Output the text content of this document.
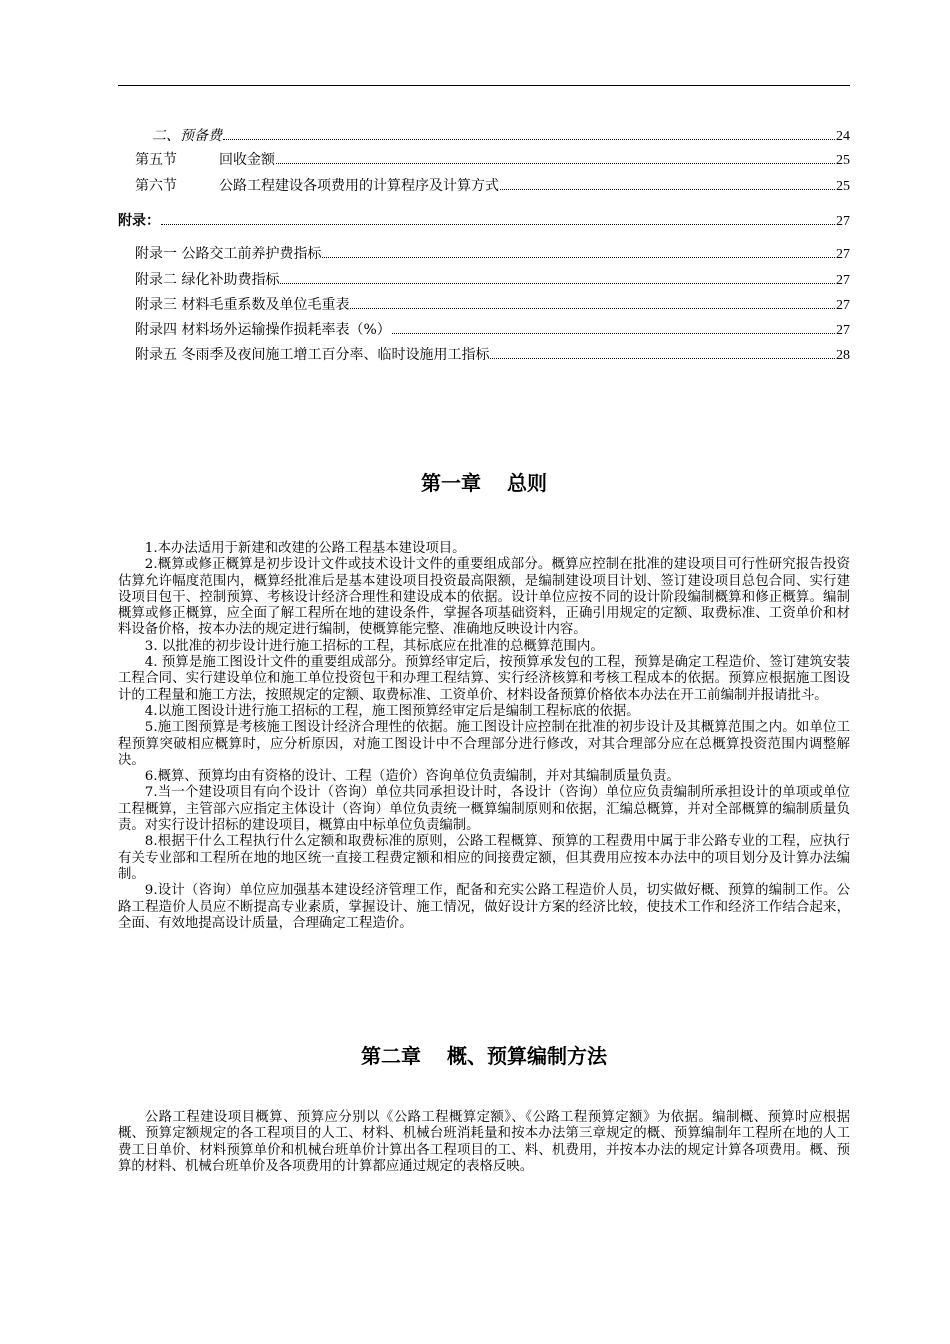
二、预备费	24
第五节	回收金额	25
第六节	公路工程建设各项费用的计算程序及计算方式	25
附录：	27
附录一 公路交工前养护费指标	27
附录二 绿化补助费指标	27
附录三 材料毛重系数及单位毛重表	27
附录四 材料场外运输操作损耗率表（%）	27
附录五 冬雨季及夜间施工增工百分率、临时设施用工指标	28
第一章 总则

1.本办法适用于新建和改建的公路工程基本建设项目。

2.概算或修正概算是初步设计文件或技术设计文件的重要组成部分。概算应控制在批准的建设项目可行性研究报告投资估算允许幅度范围内，概算经批准后是基本建设项目投资最高限额，是编制建设项目计划、签订建设项目总包合同、实行建设项目包干、控制预算、考核设计经济合理性和建设成本的依据。设计单位应按不同的设计阶段编制概算和修正概算。编制概算或修正概算，应全面了解工程所在地的建设条件，掌握各项基础资料，正确引用规定的定额、取费标准、工资单价和材料设备价格，按本办法的规定进行编制，使概算能完整、准确地反映设计内容。

3. 以批准的初步设计进行施工招标的工程，其标底应在批准的总概算范围内。

4. 预算是施工图设计文件的重要组成部分。预算经审定后，按预算承发包的工程，预算是确定工程造价、签订建筑安装工程合同、实行建设单位和施工单位投资包干和办理工程结算、实行经济核算和考核工程成本的依据。预算应根据施工图设计的工程量和施工方法，按照规定的定额、取费标准、工资单价、材料设备预算价格依本办法在开工前编制并报请批斗。

4.以施工图设计进行施工招标的工程，施工图预算经审定后是编制工程标底的依据。

5.施工图预算是考核施工图设计经济合理性的依据。施工图设计应控制在批准的初步设计及其概算范围之内。如单位工程预算突破相应概算时，应分析原因，对施工图设计中不合理部分进行修改，对其合理部分应在总概算投资范围内调整解决。

6.概算、预算均由有资格的设计、工程（造价）咨询单位负责编制，并对其编制质量负责。

7.当一个建设项目有向个设计（咨询）单位共同承担设计时，各设计（咨询）单位应负责编制所承担设计的单项或单位工程概算，主管部六应指定主体设计（咨询）单位负责统一概算编制原则和依据，汇编总概算，并对全部概算的编制质量负责。对实行设计招标的建设项目，概算由中标单位负责编制。

8.根据干什么工程执行什么定额和取费标准的原则，公路工程概算、预算的工程费用中属于非公路专业的工程，应执行有关专业部和工程所在地的地区统一直接工程费定额和相应的间接费定额，但其费用应按本办法中的项目划分及计算办法编制。

9.设计（咨询）单位应加强基本建设经济管理工作，配备和充实公路工程造价人员，切实做好概、预算的编制工作。公路工程造价人员应不断提高专业素质，掌握设计、施工情况，做好设计方案的经济比较，使技术工作和经济工作结合起来，全面、有效地提高设计质量，合理确定工程造价。

第二章 概、预算编制方法

公路工程建设项目概算、预算应分别以《公路工程概算定额》、《公路工程预算定额》为依据。编制概、预算时应根据概、预算定额规定的各工程项目的人工、材料、机械台班消耗量和按本办法第三章规定的概、预算编制年工程所在地的人工费工日单价、材料预算单价和机械台班单价计算出各工程项目的工、料、机费用，并按本办法的规定计算各项费用。概、预算的材料、机械台班单价及各项费用的计算都应通过规定的表格反映。
